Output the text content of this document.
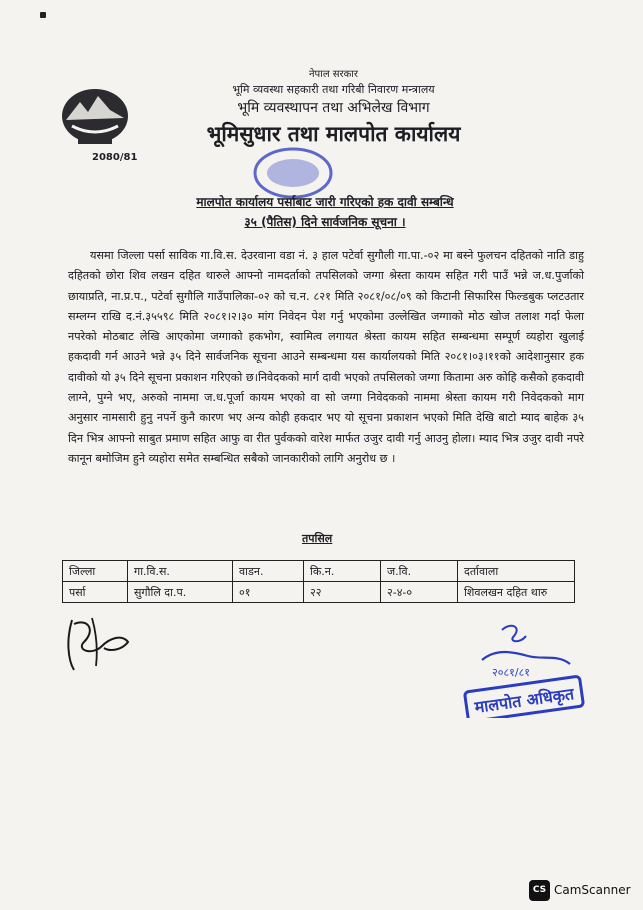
2080/81
नेपाल सरकार
भूमि व्यवस्था सहकारी तथा गरिबी निवारण मन्त्रालय
भूमि व्यवस्थापन तथा अभिलेख विभाग
भूमिसुधार तथा मालपोत कार्यालय
मालपोत कार्यालय पर्साबाट जारी गरिएको हक दावी सम्बन्धि
३५ (पैतिस) दिने सार्वजनिक सूचना ।

यसमा जिल्ला पर्सा साविक गा.वि.स. देउरवाना वडा नं. ३ हाल पटेर्वा सुगौली गा.पा.-०२ मा बस्ने फुलचन दहितको नाति डाहु दहितको छोरा शिव लखन दहित थारुले आफ्नो नामदर्ताको तपसिलको जग्गा श्रेस्ता कायम सहित गरी पाउँ भन्ने ज.ध.पुर्जाको छायाप्रति, ना.प्र.प., पटेर्वा सुगौलि गाउँपालिका-०२ को च.न. ८२१ मिति २०८१/०८/०९ को किटानी सिफारिस फिल्डबुक प्लटउतार सम्लग्न राखि द.नं.३५५९८ मिति २०८१।२।३० मांग निवेदन पेश गर्नु भएकोमा उल्लेखित जग्गाको मोठ खोज तलाश गर्दा फेला नपरेको मोठबाट लेखि आएकोमा जग्गाको हकभोग, स्वामित्व लगायत श्रेस्ता कायम सहित सम्बन्धमा सम्पूर्ण व्यहोरा खुलाई हकदावी गर्न आउने भन्ने ३५ दिने सार्वजनिक सूचना आउने सम्बन्धमा यस कार्यालयको मिति २०८१।०३।११को आदेशानुसार हक दावीको यो ३५ दिने सूचना प्रकाशन गरिएको छ।निवेदकको मार्ग दावी भएको तपसिलको जग्गा कितामा अरु कोहि कसैको हकदावी लाग्ने, पुग्ने भए, अरुको नाममा ज.ध.पूर्जा कायम भएको वा सो जग्गा निवेदकको नाममा श्रेस्ता कायम गरी निवेदकको माग अनुसार नामसारी हुनु नपर्ने कुनै कारण भए अन्य कोही हकदार भए यो सूचना प्रकाशन भएको मिति देखि बाटो म्याद बाहेक ३५ दिन भित्र आफ्नो साबुत प्रमाण सहित आफु वा रीत पुर्वकको वारेश मार्फत उजुर दावी गर्नु आउनु होला। म्याद भित्र उजुर दावी नपरे कानून बमोजिम हुने व्यहोरा समेत सम्बन्धित सबैको जानकारीको लागि अनुरोध छ ।

तपसिल
जिल्ला	गा.वि.स.	वाडन.	कि.न.	ज.वि.	दर्तावाला
पर्सा	सुगौलि दा.प.	०१	२२	२-४-०	शिवलखन दहित थारु
२०८१/८१
मालपोत अधिकृत
CS CamScanner
